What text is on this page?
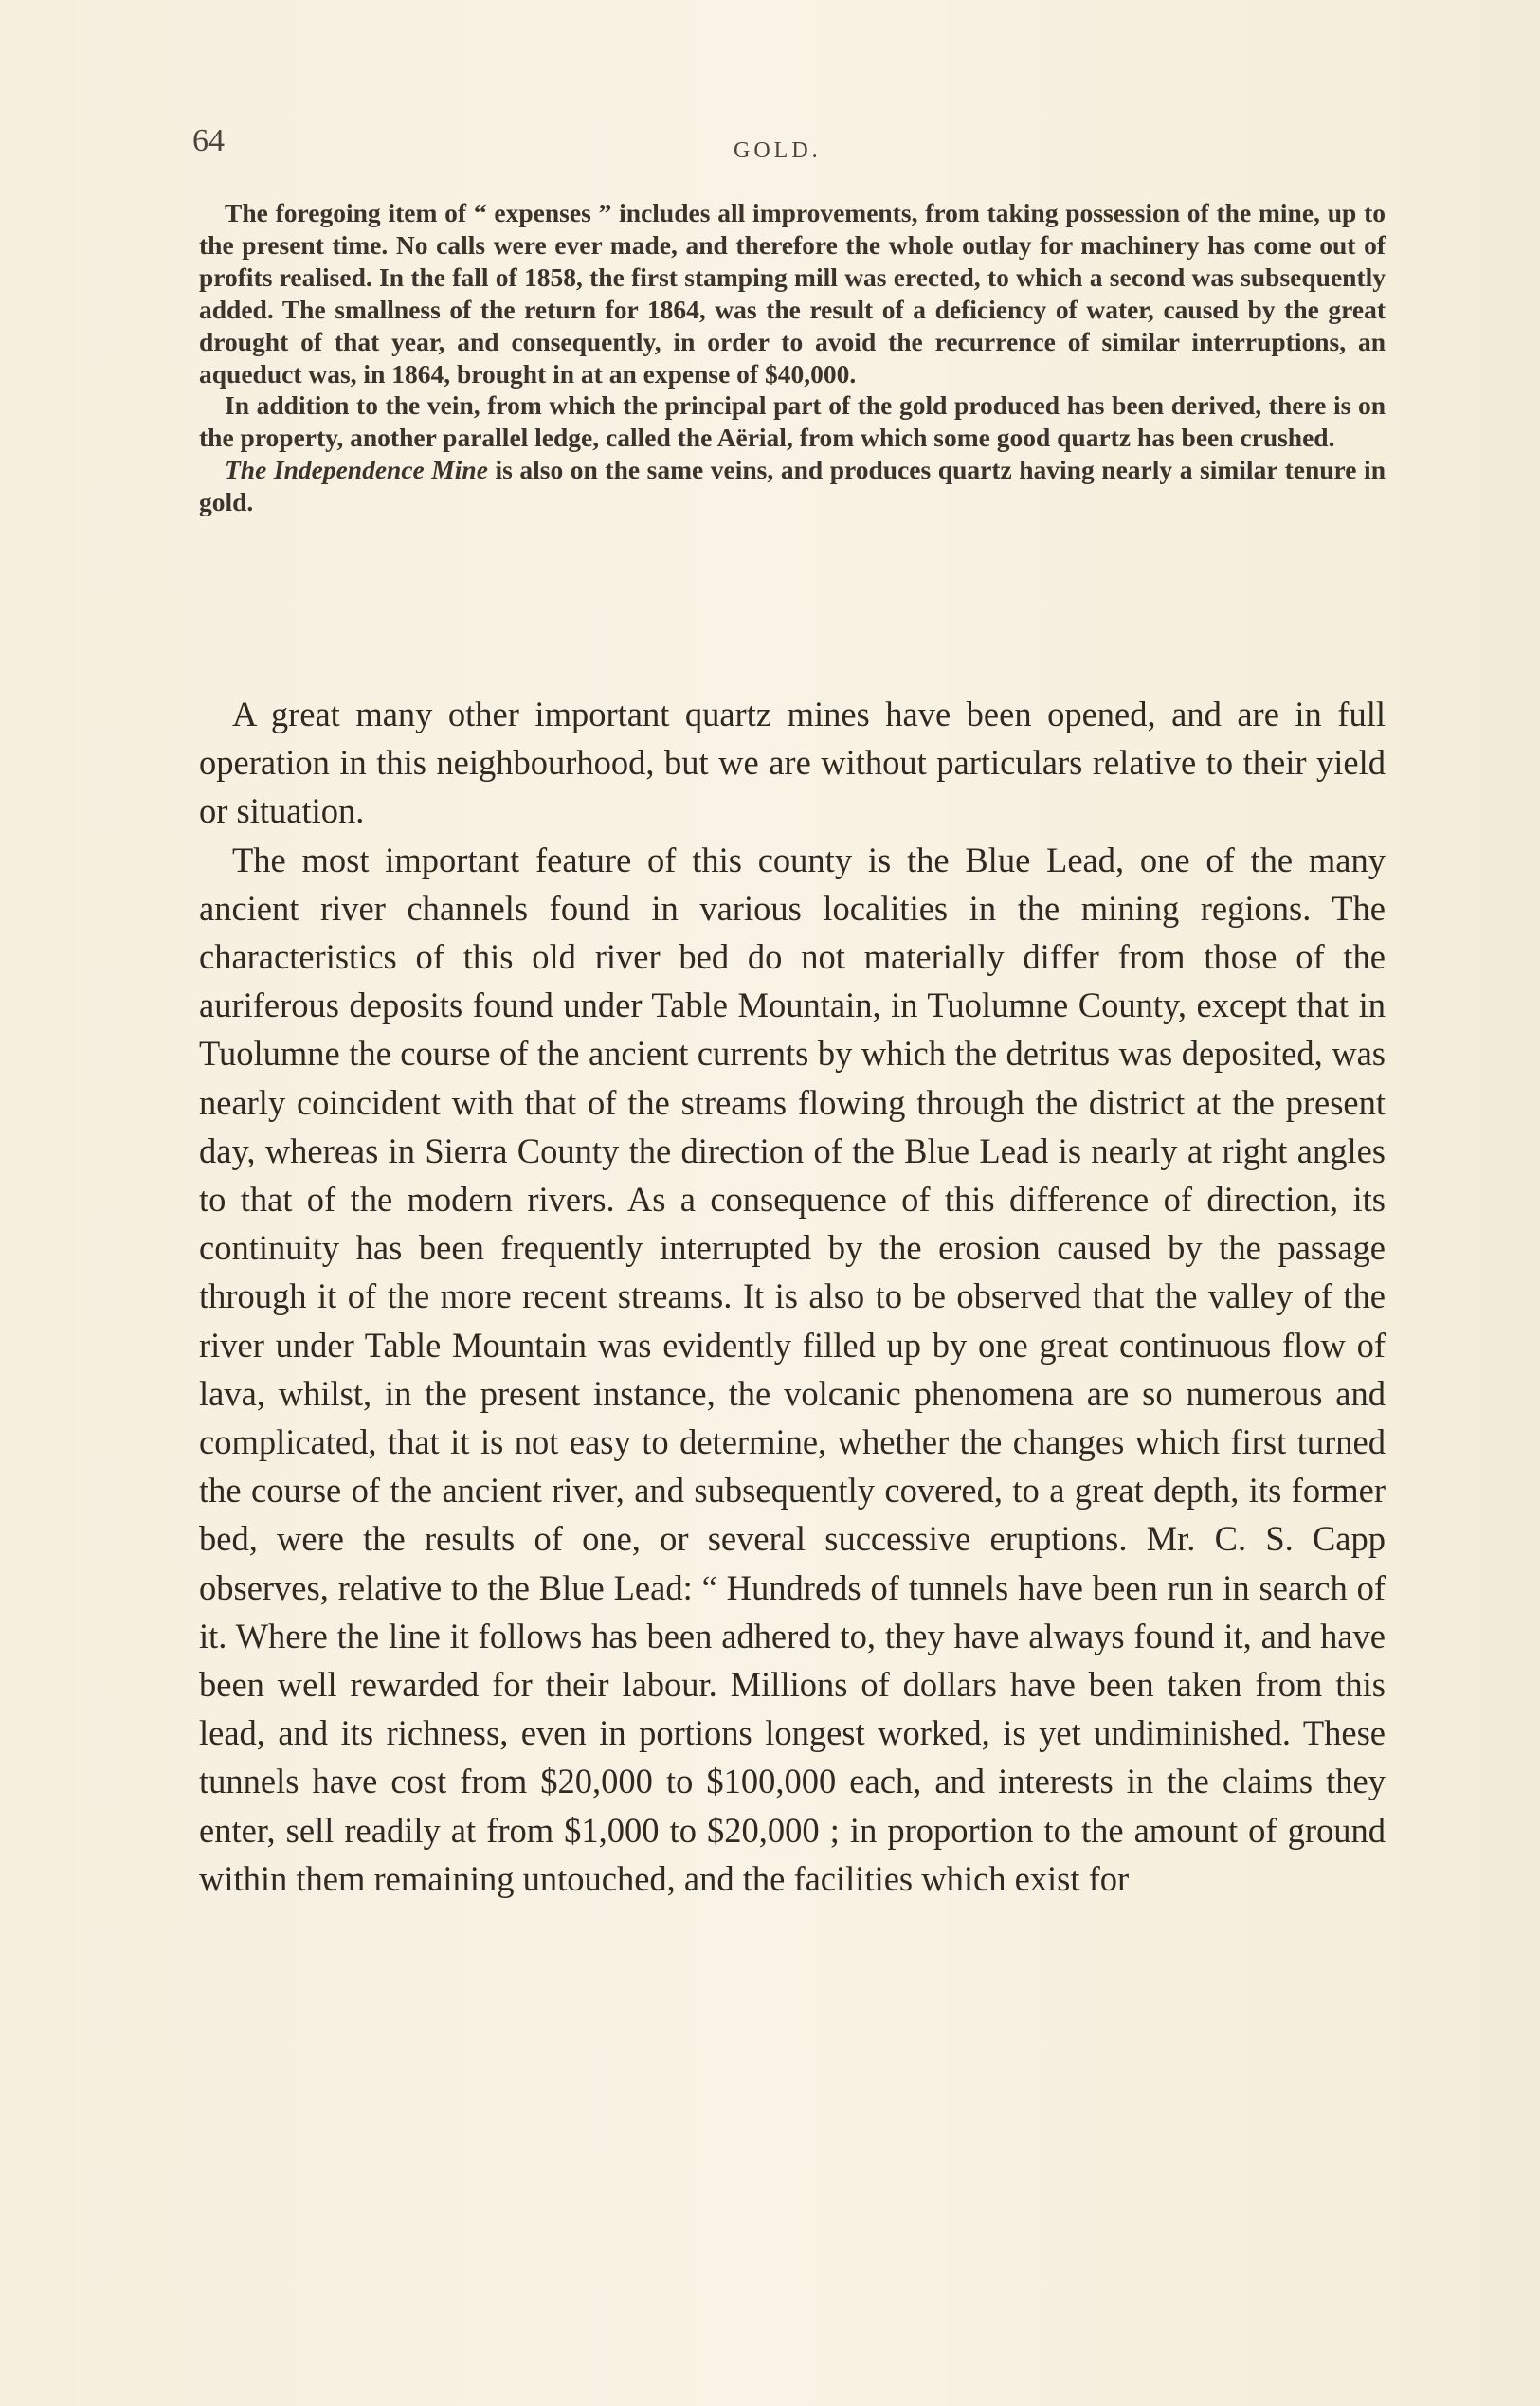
64	GOLD.

The foregoing item of “ expenses ” includes all improvements, from taking possession of the mine, up to the present time. No calls were ever made, and therefore the whole outlay for machinery has come out of profits realised. In the fall of 1858, the first stamping mill was erected, to which a second was subsequently added. The smallness of the return for 1864, was the result of a deficiency of water, caused by the great drought of that year, and consequently, in order to avoid the recurrence of similar interruptions, an aqueduct was, in 1864, brought in at an expense of $40,000.

In addition to the vein, from which the principal part of the gold produced has been derived, there is on the property, another parallel ledge, called the Aërial, from which some good quartz has been crushed.

The Independence Mine is also on the same veins, and produces quartz having nearly a similar tenure in gold.

A great many other important quartz mines have been opened, and are in full operation in this neighbourhood, but we are without particulars relative to their yield or situation.

The most important feature of this county is the Blue Lead, one of the many ancient river channels found in various localities in the mining regions. The characteristics of this old river bed do not materially differ from those of the auriferous deposits found under Table Mountain, in Tuolumne County, except that in Tuolumne the course of the ancient currents by which the detritus was deposited, was nearly coincident with that of the streams flowing through the district at the present day, whereas in Sierra County the direction of the Blue Lead is nearly at right angles to that of the modern rivers. As a consequence of this difference of direction, its continuity has been frequently interrupted by the erosion caused by the passage through it of the more recent streams. It is also to be observed that the valley of the river under Table Mountain was evidently filled up by one great continuous flow of lava, whilst, in the present instance, the volcanic phenomena are so numerous and complicated, that it is not easy to determine, whether the changes which first turned the course of the ancient river, and subsequently covered, to a great depth, its former bed, were the results of one, or several successive eruptions. Mr. C. S. Capp observes, relative to the Blue Lead: “ Hundreds of tunnels have been run in search of it. Where the line it follows has been adhered to, they have always found it, and have been well rewarded for their labour. Millions of dollars have been taken from this lead, and its richness, even in portions longest worked, is yet undiminished. These tunnels have cost from $20,000 to $100,000 each, and interests in the claims they enter, sell readily at from $1,000 to $20,000 ; in proportion to the amount of ground within them remaining untouched, and the facilities which exist for
